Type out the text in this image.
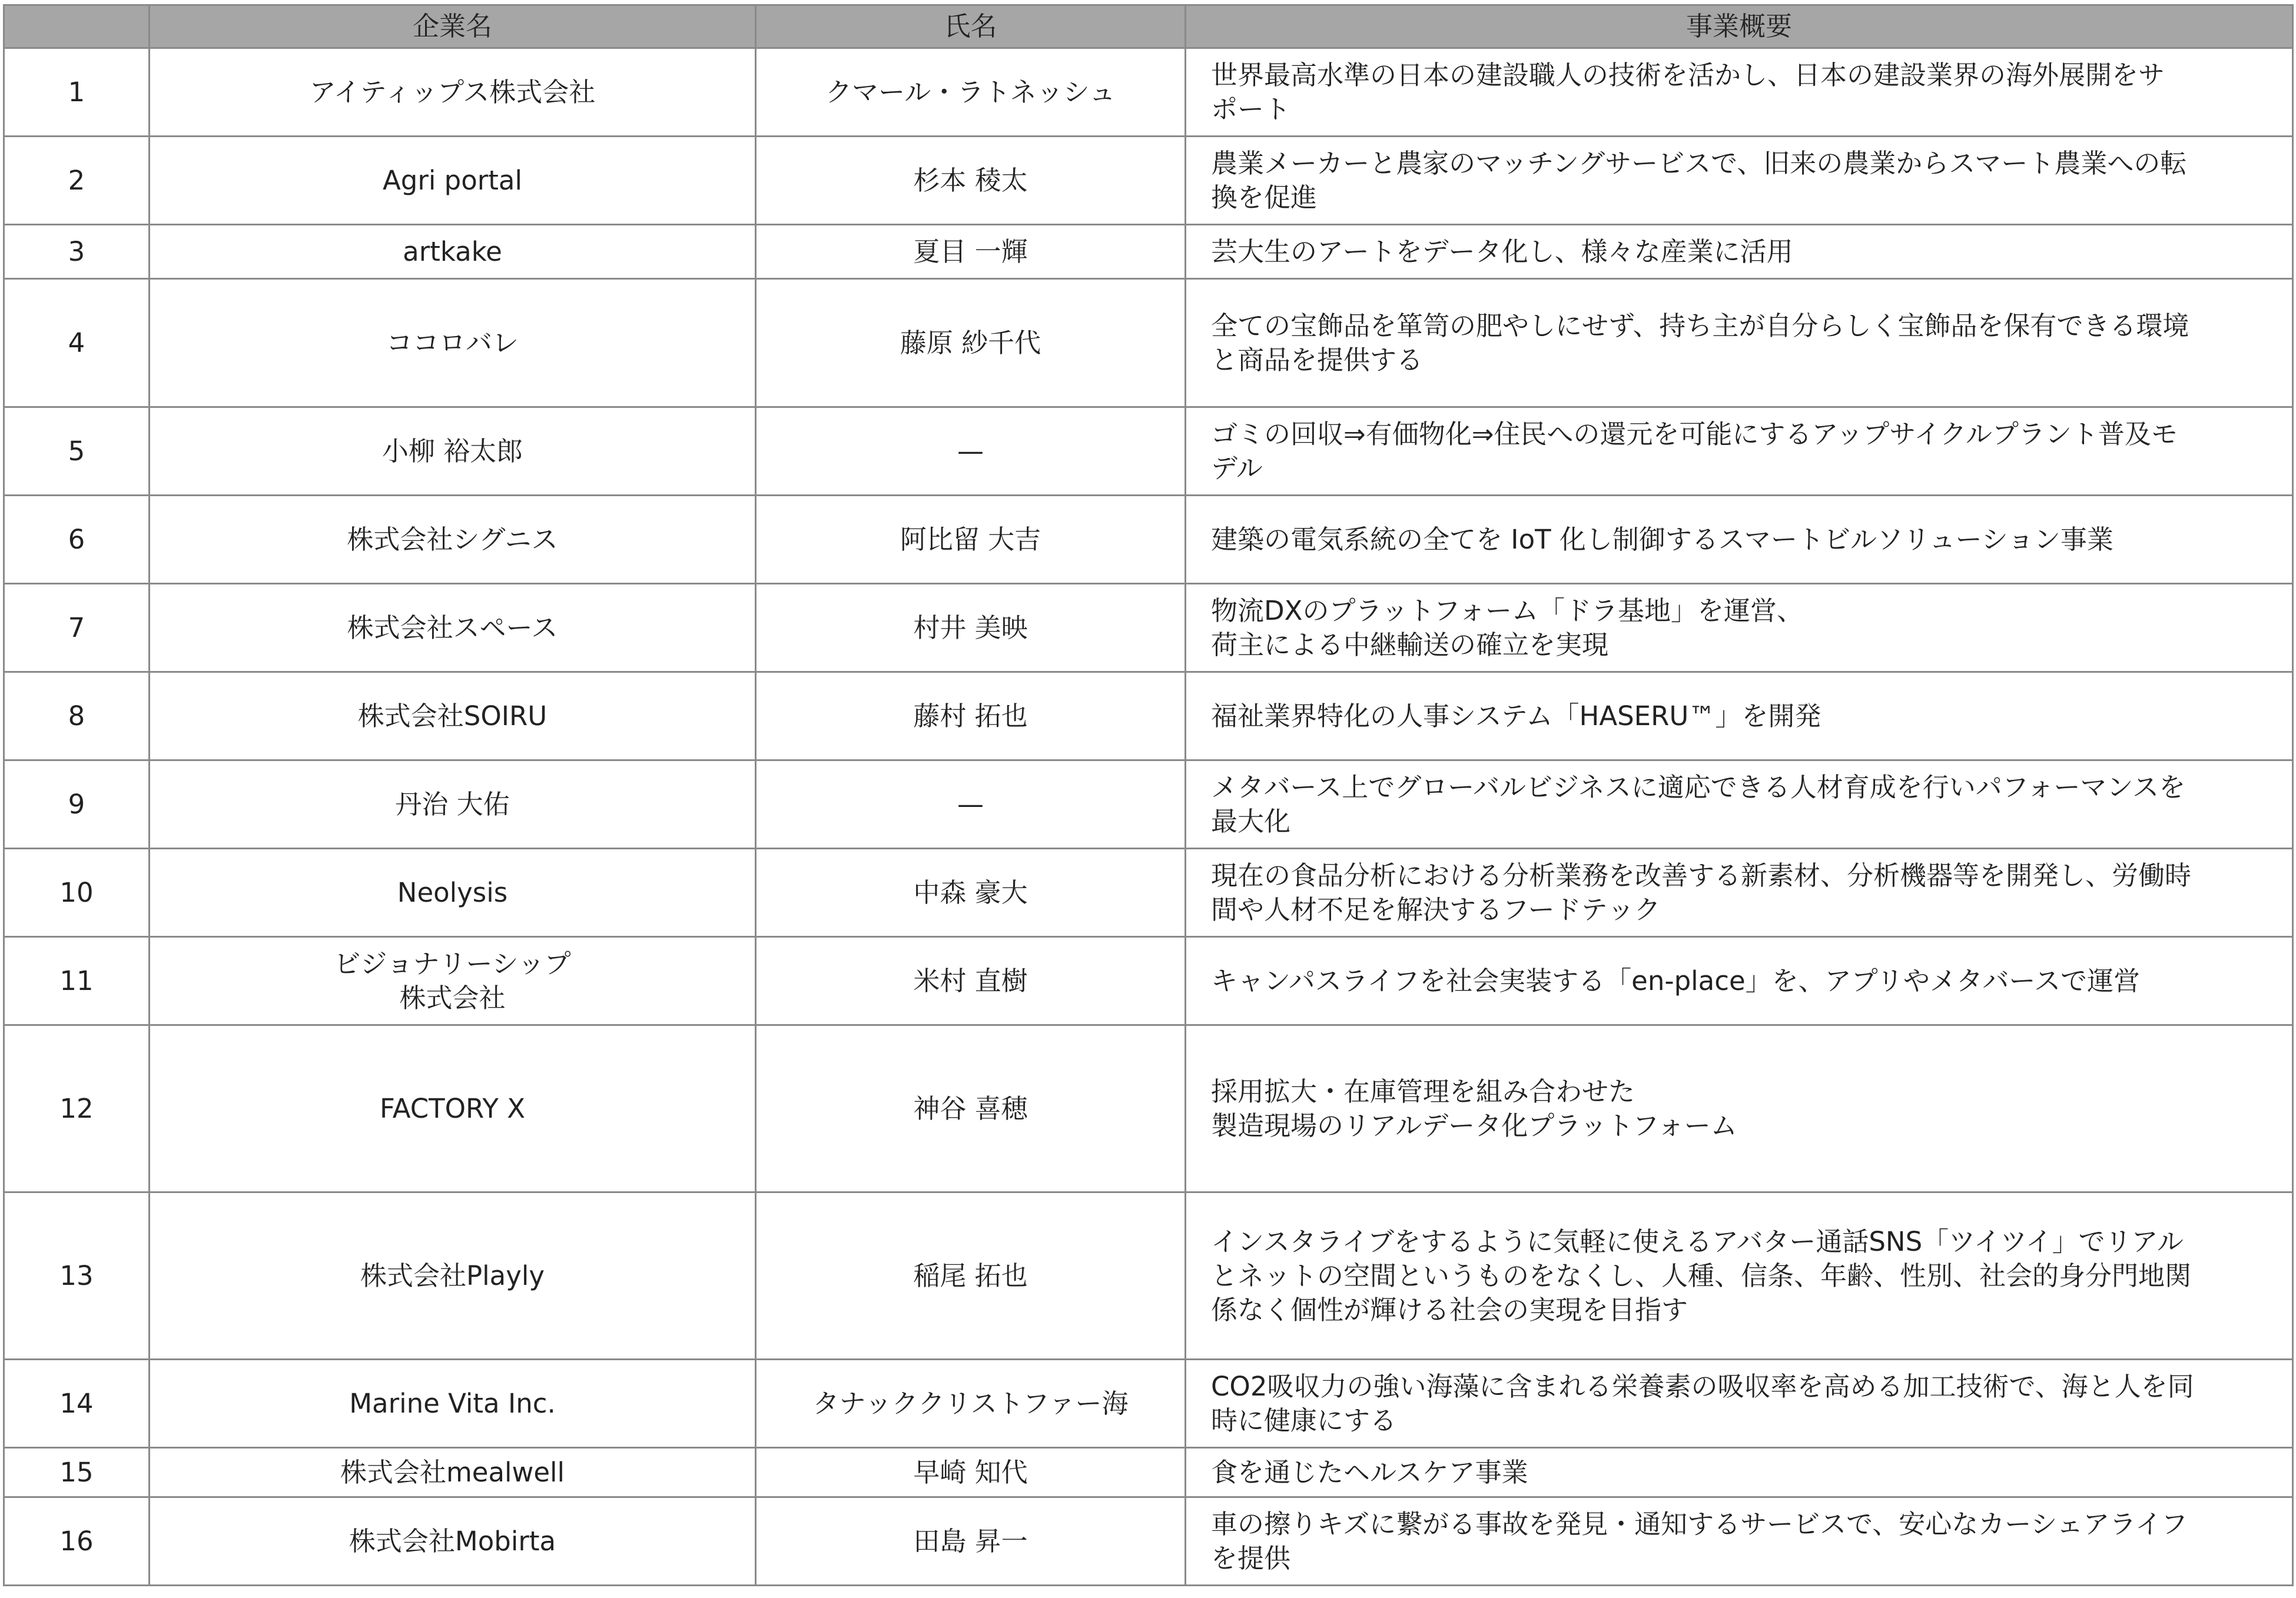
	企業名	氏名	事業概要
1	アイティップス株式会社	クマール・ラトネッシュ	世界最高水準の日本の建設職人の技術を活かし、日本の建設業界の海外展開をサ
ポート
2	Agri portal	杉本 稜太	農業メーカーと農家のマッチングサービスで、旧来の農業からスマート農業への転
換を促進
3	artkake	夏目 一輝	芸大生のアートをデータ化し、様々な産業に活用
4	ココロバレ	藤原 紗千代	全ての宝飾品を箪笥の肥やしにせず、持ち主が自分らしく宝飾品を保有できる環境
と商品を提供する
5	小柳 裕太郎	—	ゴミの回収⇒有価物化⇒住民への還元を可能にするアップサイクルプラント普及モ
デル
6	株式会社シグニス	阿比留 大吉	建築の電気系統の全てを IoT 化し制御するスマートビルソリューション事業
7	株式会社スペース	村井 美映	物流DXのプラットフォーム「ドラ基地」を運営、
荷主による中継輸送の確立を実現
8	株式会社SOIRU	藤村 拓也	福祉業界特化の人事システム「HASERU™」を開発
9	丹治 大佑	—	メタバース上でグローバルビジネスに適応できる人材育成を行いパフォーマンスを
最大化
10	Neolysis	中森 豪大	現在の食品分析における分析業務を改善する新素材、分析機器等を開発し、労働時
間や人材不足を解決するフードテック
11	ビジョナリーシップ
株式会社	米村 直樹	キャンパスライフを社会実装する「en-place」を、アプリやメタバースで運営
12	FACTORY X	神谷 喜穂	採用拡大・在庫管理を組み合わせた
製造現場のリアルデータ化プラットフォーム
13	株式会社Playly	稲尾 拓也	インスタライブをするように気軽に使えるアバター通話SNS「ツイツイ」でリアル
とネットの空間というものをなくし、人種、信条、年齢、性別、社会的身分門地関
係なく個性が輝ける社会の実現を目指す
14	Marine Vita Inc.	タナッククリストファー海	CO2吸収力の強い海藻に含まれる栄養素の吸収率を高める加工技術で、海と人を同
時に健康にする
15	株式会社mealwell	早崎 知代	食を通じたヘルスケア事業
16	株式会社Mobirta	田島 昇一	車の擦りキズに繋がる事故を発見・通知するサービスで、安心なカーシェアライフ
を提供
